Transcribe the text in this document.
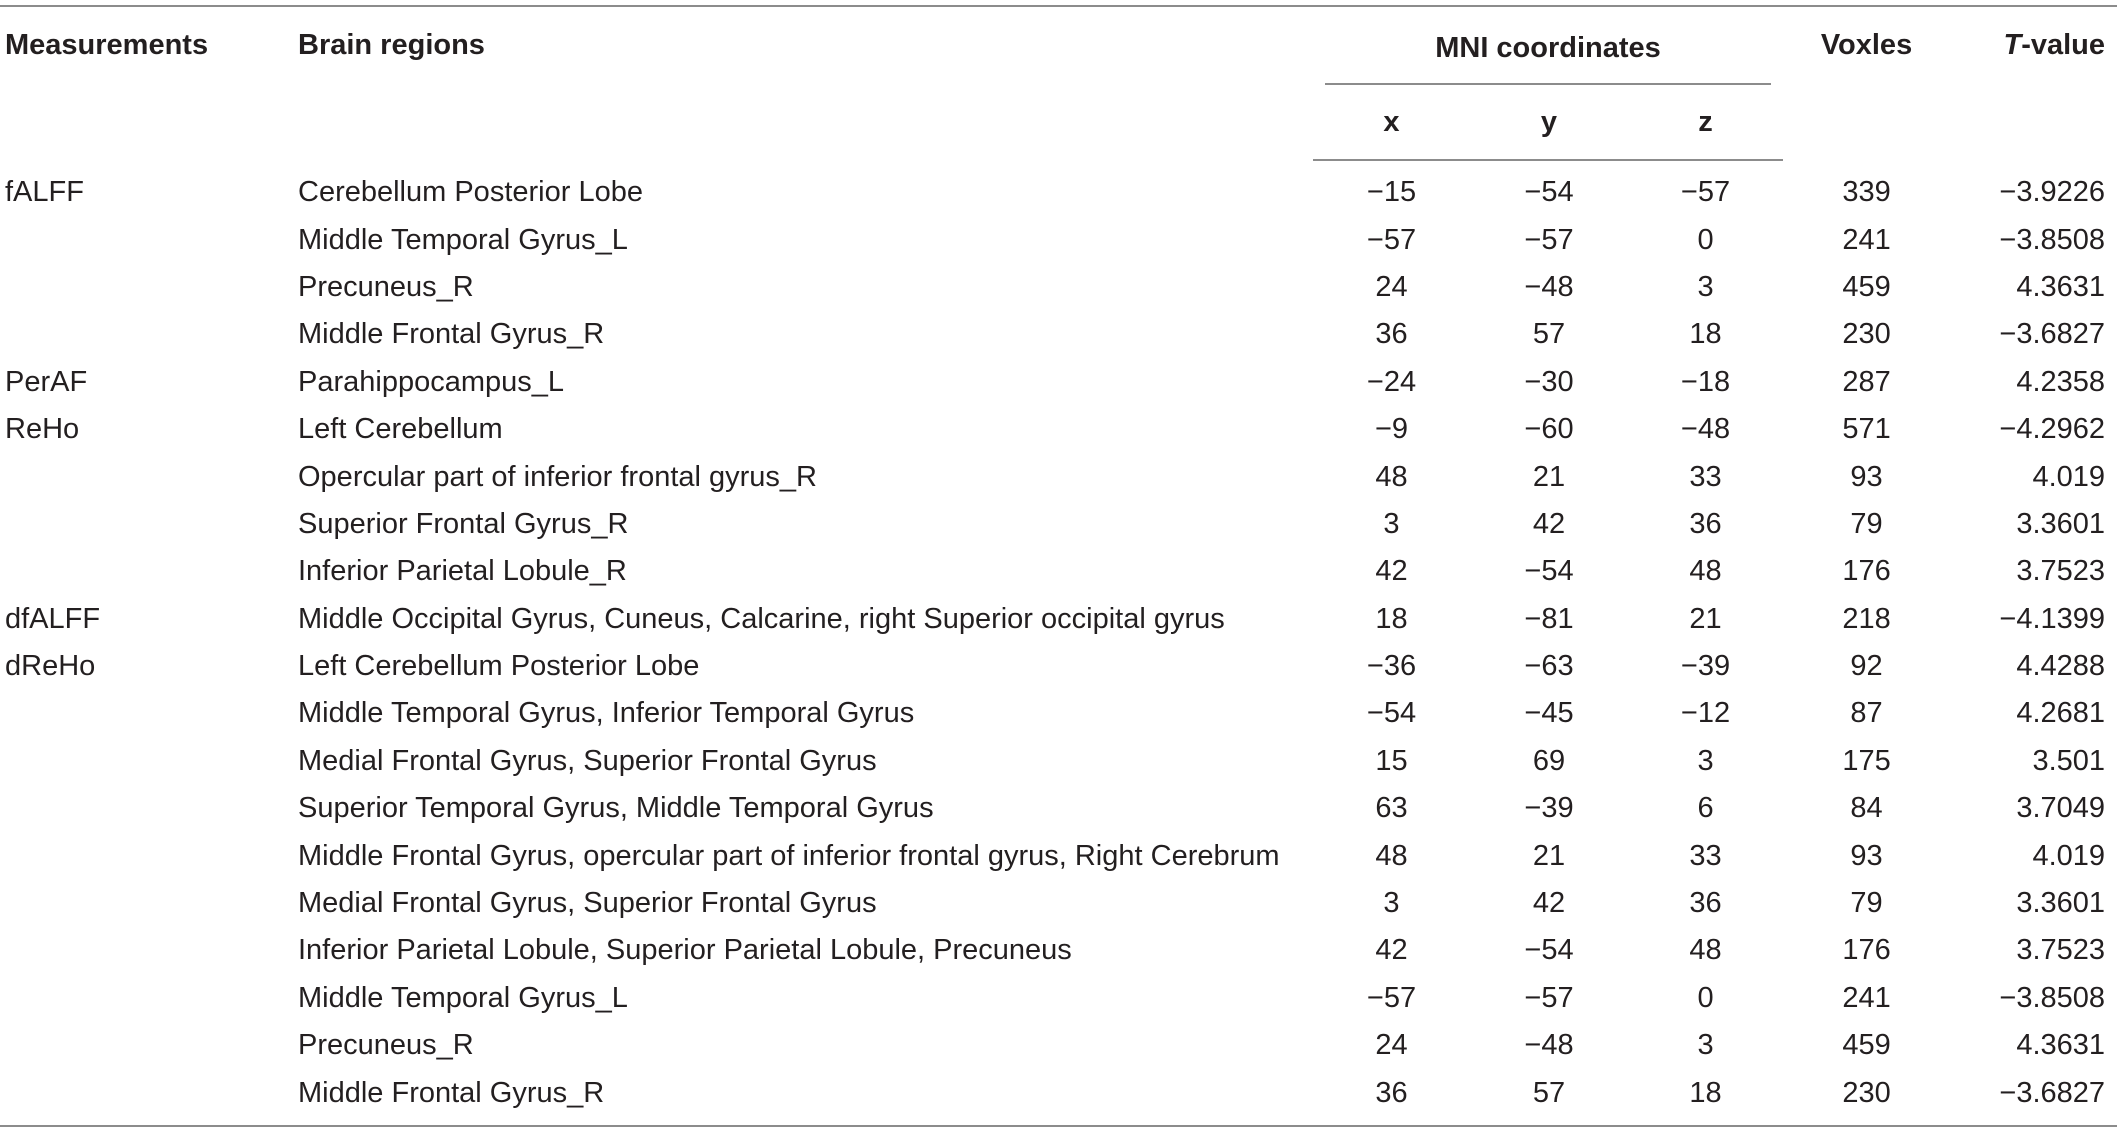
Measurements	Brain regions	MNI coordinates			Voxles	T-value
		x	y	z		
fALFF	Cerebellum Posterior Lobe	−15	−54	−57	339	−3.9226
	Middle Temporal Gyrus_L	−57	−57	0	241	−3.8508
	Precuneus_R	24	−48	3	459	4.3631
	Middle Frontal Gyrus_R	36	57	18	230	−3.6827
PerAF	Parahippocampus_L	−24	−30	−18	287	4.2358
ReHo	Left Cerebellum	−9	−60	−48	571	−4.2962
	Opercular part of inferior frontal gyrus_R	48	21	33	93	4.019
	Superior Frontal Gyrus_R	3	42	36	79	3.3601
	Inferior Parietal Lobule_R	42	−54	48	176	3.7523
dfALFF	Middle Occipital Gyrus, Cuneus, Calcarine, right Superior occipital gyrus	18	−81	21	218	−4.1399
dReHo	Left Cerebellum Posterior Lobe	−36	−63	−39	92	4.4288
	Middle Temporal Gyrus, Inferior Temporal Gyrus	−54	−45	−12	87	4.2681
	Medial Frontal Gyrus, Superior Frontal Gyrus	15	69	3	175	3.501
	Superior Temporal Gyrus, Middle Temporal Gyrus	63	−39	6	84	3.7049
	Middle Frontal Gyrus, opercular part of inferior frontal gyrus, Right Cerebrum	48	21	33	93	4.019
	Medial Frontal Gyrus, Superior Frontal Gyrus	3	42	36	79	3.3601
	Inferior Parietal Lobule, Superior Parietal Lobule, Precuneus	42	−54	48	176	3.7523
	Middle Temporal Gyrus_L	−57	−57	0	241	−3.8508
	Precuneus_R	24	−48	3	459	4.3631
	Middle Frontal Gyrus_R	36	57	18	230	−3.6827
